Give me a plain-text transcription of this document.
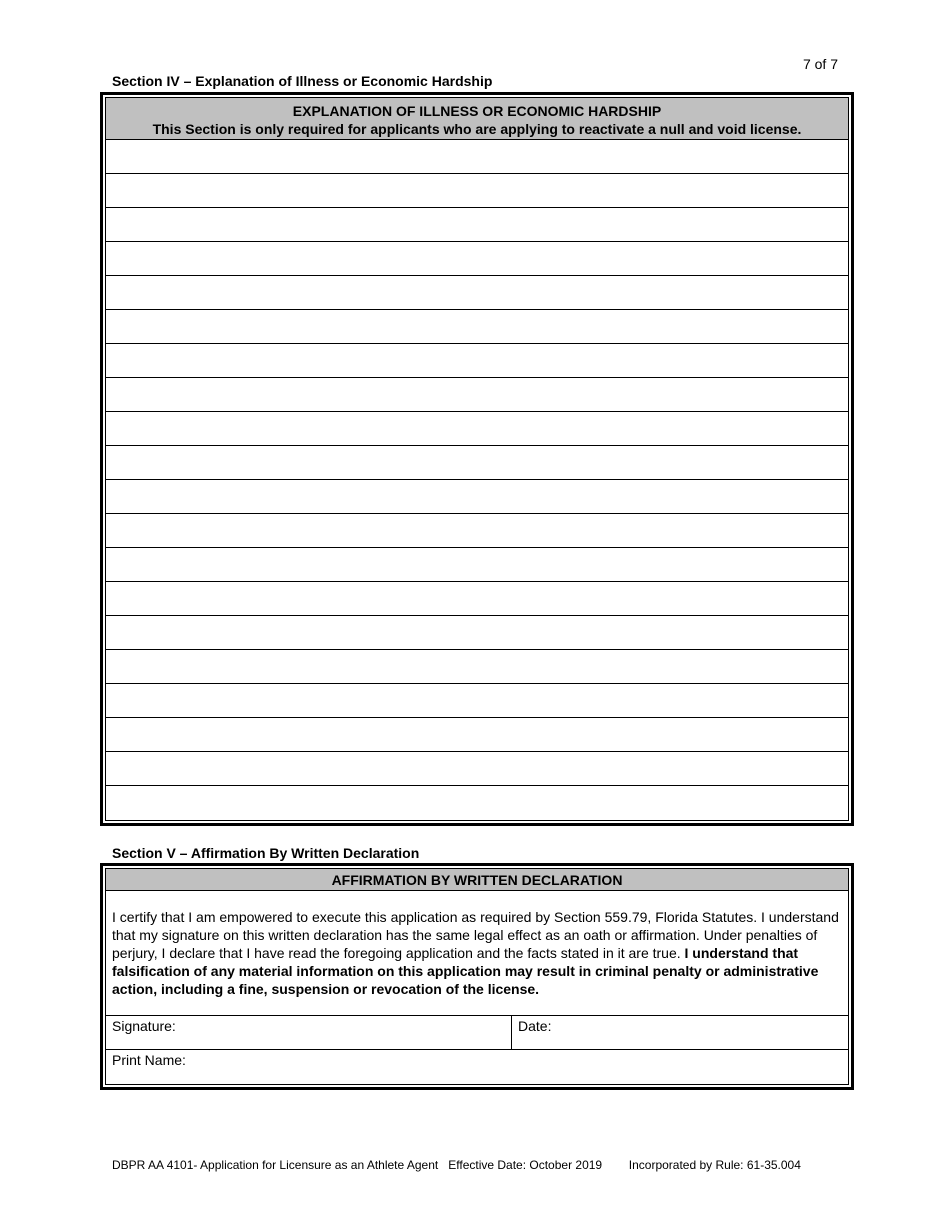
7 of 7
Section IV – Explanation of Illness or Economic Hardship
EXPLANATION OF ILLNESS OR ECONOMIC HARDSHIP
This Section is only required for applicants who are applying to reactivate a null and void license.
Section V – Affirmation By Written Declaration
AFFIRMATION BY WRITTEN DECLARATION
I certify that I am empowered to execute this application as required by Section 559.79, Florida Statutes. I understand that my signature on this written declaration has the same legal effect as an oath or affirmation. Under penalties of perjury, I declare that I have read the foregoing application and the facts stated in it are true. I understand that falsification of any material information on this application may result in criminal penalty or administrative action, including a fine, suspension or revocation of the license.
Signature:	Date:
Print Name:
DBPR AA 4101- Application for Licensure as an Athlete Agent Effective Date: October 2019 Incorporated by Rule: 61-35.004
